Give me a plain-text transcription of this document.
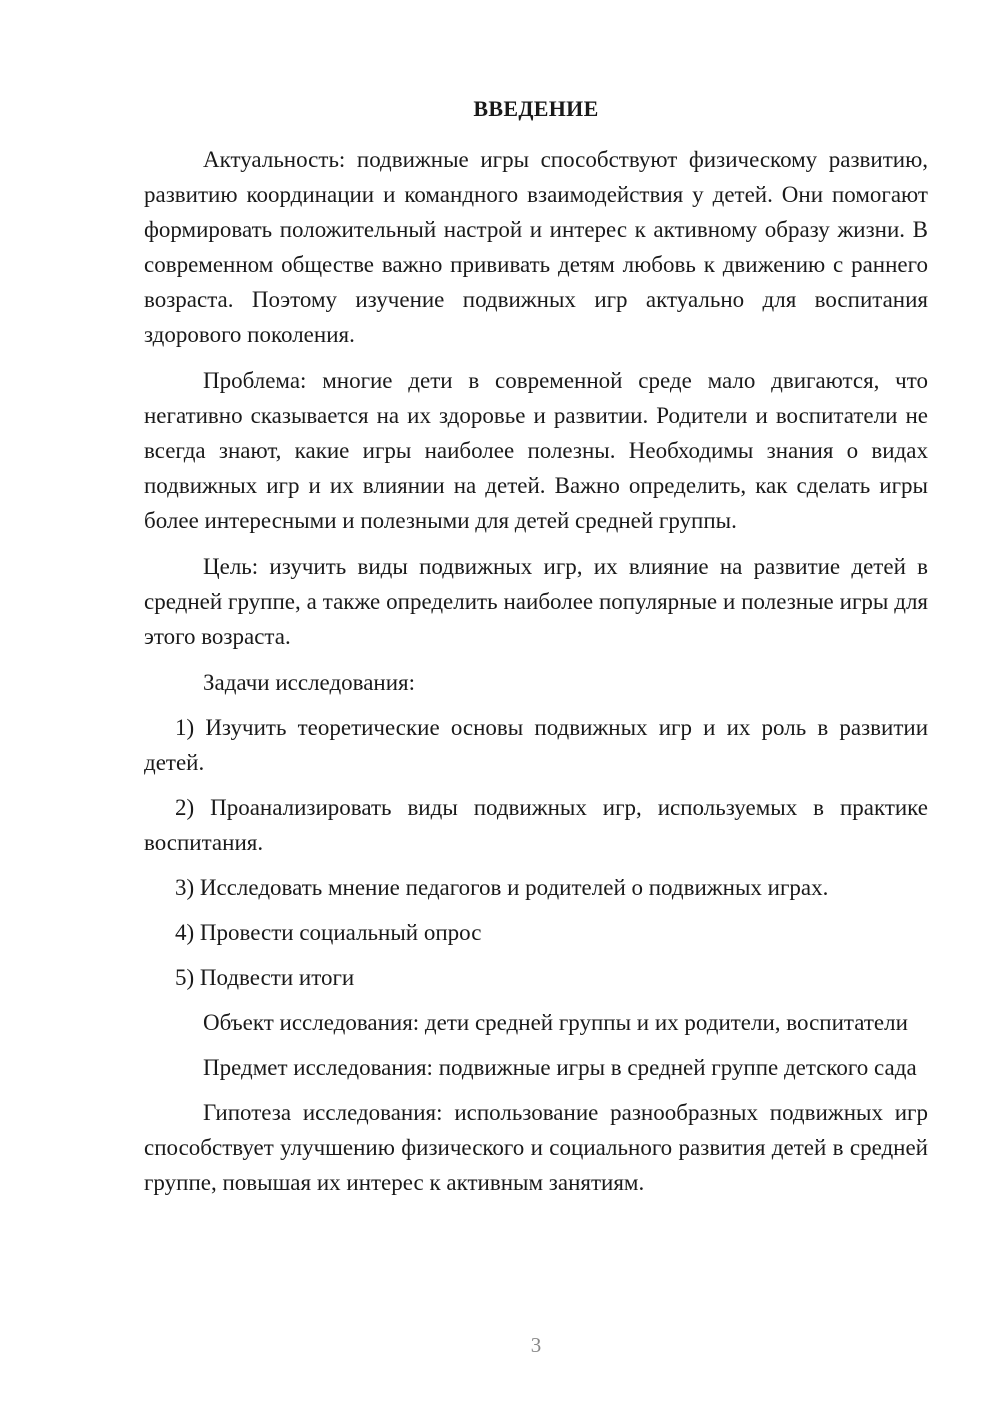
ВВЕДЕНИЕ

Актуальность: подвижные игры способствуют физическому развитию, развитию координации и командного взаимодействия у детей. Они помогают формировать положительный настрой и интерес к активному образу жизни. В современном обществе важно прививать детям любовь к движению с раннего возраста. Поэтому изучение подвижных игр актуально для воспитания здорового поколения.

Проблема: многие дети в современной среде мало двигаются, что негативно сказывается на их здоровье и развитии. Родители и воспитатели не всегда знают, какие игры наиболее полезны. Необходимы знания о видах подвижных игр и их влиянии на детей. Важно определить, как сделать игры более интересными и полезными для детей средней группы.

Цель: изучить виды подвижных игр, их влияние на развитие детей в средней группе, а также определить наиболее популярные и полезные игры для этого возраста.

Задачи исследования:

1) Изучить теоретические основы подвижных игр и их роль в развитии детей.

2) Проанализировать виды подвижных игр, используемых в практике воспитания.

3) Исследовать мнение педагогов и родителей о подвижных играх.

4) Провести социальный опрос

5) Подвести итоги

Объект исследования: дети средней группы и их родители, воспитатели

Предмет исследования: подвижные игры в средней группе детского сада

Гипотеза исследования: использование разнообразных подвижных игр способствует улучшению физического и социального развития детей в средней группе, повышая их интерес к активным занятиям.

3
